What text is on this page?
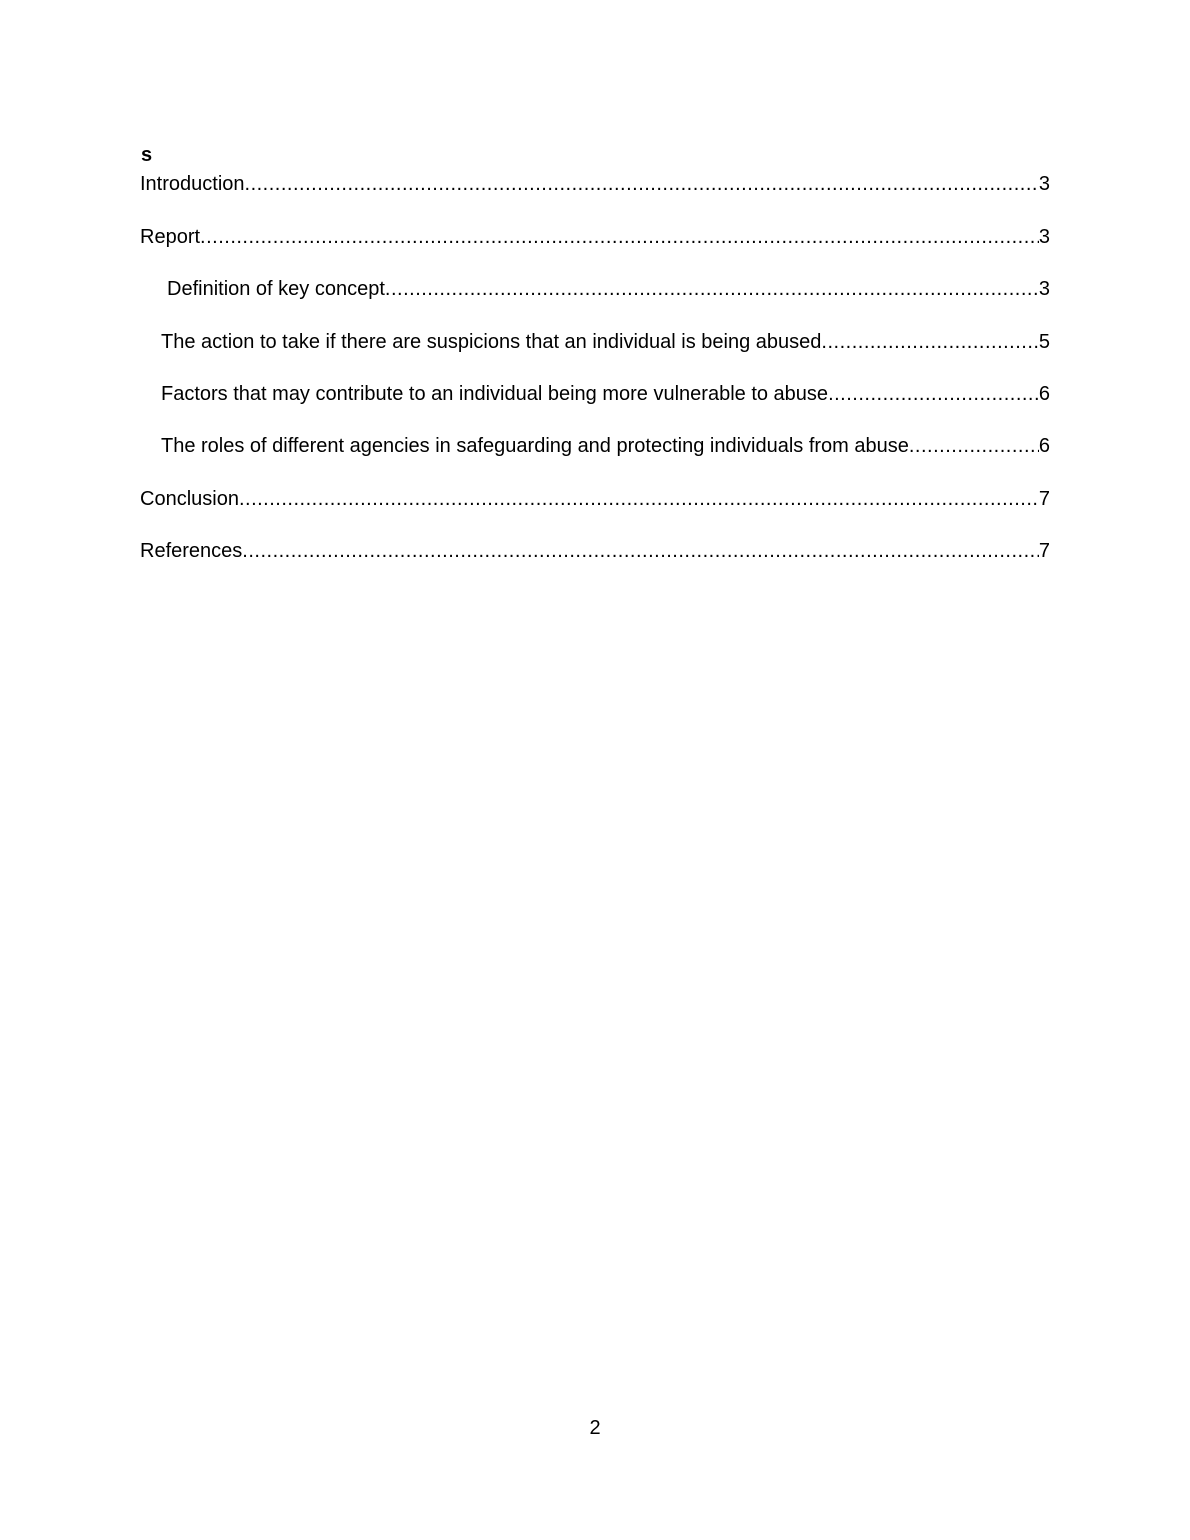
s
Introduction .....	3
Report .....	3
Definition of key concept .....	3
The action to take if there are suspicions that an individual is being abused .....	5
Factors that may contribute to an individual being more vulnerable to abuse .....	6
The roles of different agencies in safeguarding and protecting individuals from abuse .....	6
Conclusion .....	7
References .....	7
2
